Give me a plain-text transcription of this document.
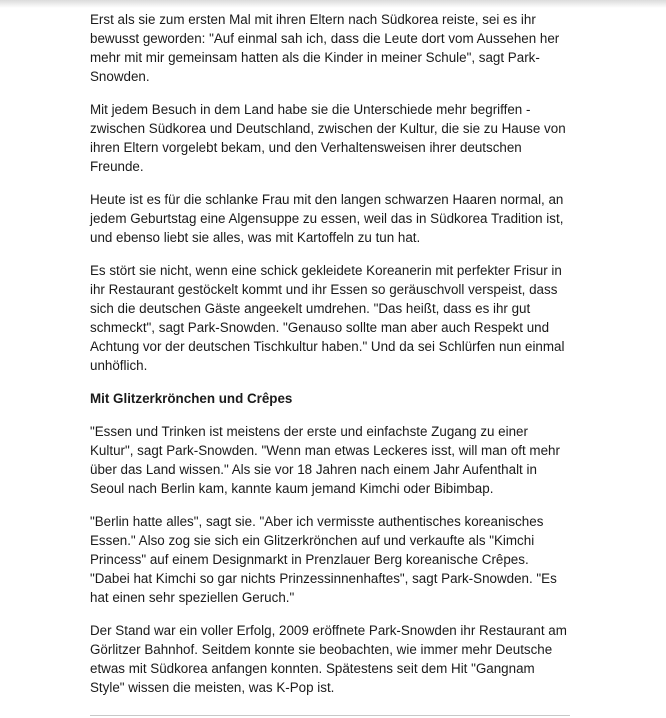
Erst als sie zum ersten Mal mit ihren Eltern nach Südkorea reiste, sei es ihr bewusst geworden: "Auf einmal sah ich, dass die Leute dort vom Aussehen her mehr mit mir gemeinsam hatten als die Kinder in meiner Schule", sagt Park-Snowden.

Mit jedem Besuch in dem Land habe sie die Unterschiede mehr begriffen - zwischen Südkorea und Deutschland, zwischen der Kultur, die sie zu Hause von ihren Eltern vorgelebt bekam, und den Verhaltensweisen ihrer deutschen Freunde.

Heute ist es für die schlanke Frau mit den langen schwarzen Haaren normal, an jedem Geburtstag eine Algensuppe zu essen, weil das in Südkorea Tradition ist, und ebenso liebt sie alles, was mit Kartoffeln zu tun hat.

Es stört sie nicht, wenn eine schick gekleidete Koreanerin mit perfekter Frisur in ihr Restaurant gestöckelt kommt und ihr Essen so geräuschvoll verspeist, dass sich die deutschen Gäste angeekelt umdrehen. "Das heißt, dass es ihr gut schmeckt", sagt Park-Snowden. "Genauso sollte man aber auch Respekt und Achtung vor der deutschen Tischkultur haben." Und da sei Schlürfen nun einmal unhöflich.

Mit Glitzerkrönchen und Crêpes

"Essen und Trinken ist meistens der erste und einfachste Zugang zu einer Kultur", sagt Park-Snowden. "Wenn man etwas Leckeres isst, will man oft mehr über das Land wissen." Als sie vor 18 Jahren nach einem Jahr Aufenthalt in Seoul nach Berlin kam, kannte kaum jemand Kimchi oder Bibimbap.

"Berlin hatte alles", sagt sie. "Aber ich vermisste authentisches koreanisches Essen." Also zog sie sich ein Glitzerkrönchen auf und verkaufte als "Kimchi Princess" auf einem Designmarkt in Prenzlauer Berg koreanische Crêpes. "Dabei hat Kimchi so gar nichts Prinzessinnenhaftes", sagt Park-Snowden. "Es hat einen sehr speziellen Geruch."

Der Stand war ein voller Erfolg, 2009 eröffnete Park-Snowden ihr Restaurant am Görlitzer Bahnhof. Seitdem konnte sie beobachten, wie immer mehr Deutsche etwas mit Südkorea anfangen konnten. Spätestens seit dem Hit "Gangnam Style" wissen die meisten, was K-Pop ist.
